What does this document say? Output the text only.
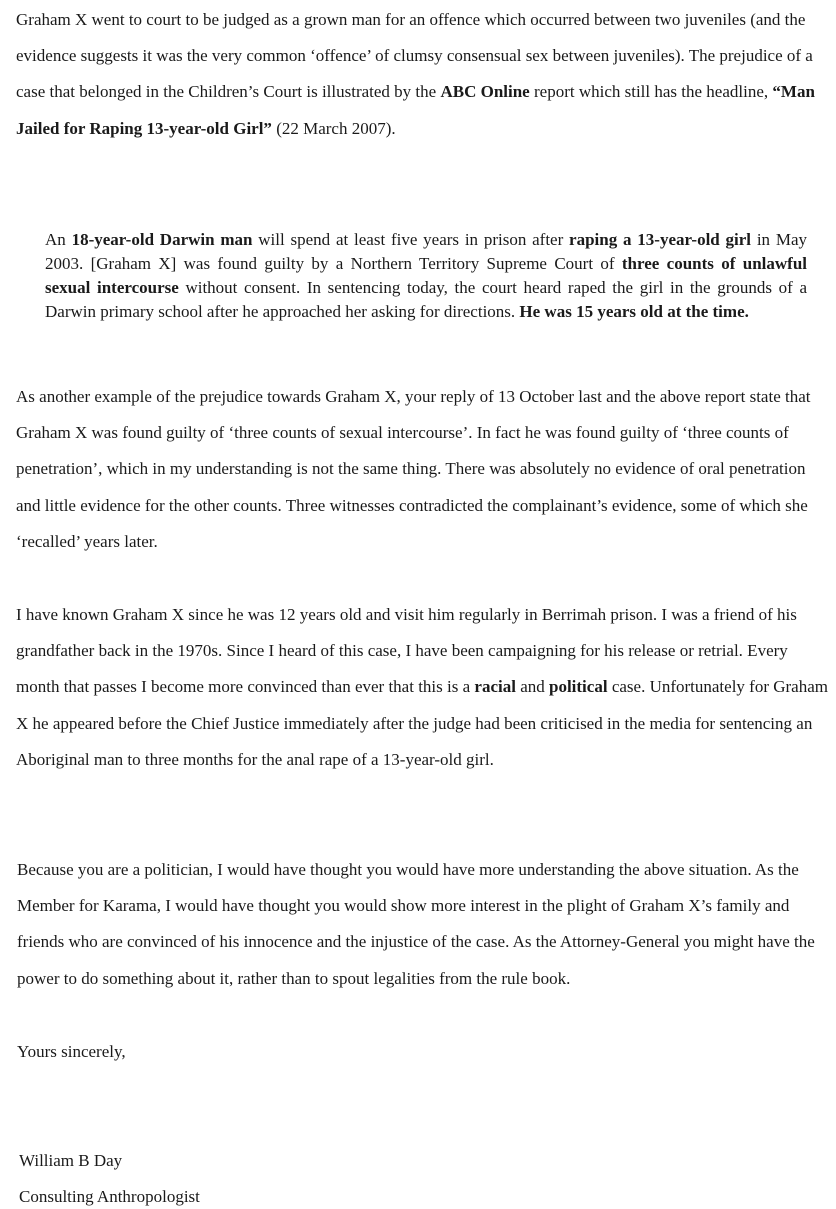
Graham X went to court to be judged as a grown man for an offence which occurred between two juveniles (and the evidence suggests it was the very common ‘offence’ of clumsy consensual sex between juveniles). The prejudice of a case that belonged in the Children’s Court is illustrated by the ABC Online report which still has the headline, “Man Jailed for Raping 13-year-old Girl” (22 March 2007).

An 18-year-old Darwin man will spend at least five years in prison after raping a 13-year-old girl in May 2003. [Graham X] was found guilty by a Northern Territory Supreme Court of three counts of unlawful sexual intercourse without consent. In sentencing today, the court heard raped the girl in the grounds of a Darwin primary school after he approached her asking for directions. He was 15 years old at the time.

As another example of the prejudice towards Graham X, your reply of 13 October last and the above report state that Graham X was found guilty of ‘three counts of sexual intercourse’. In fact he was found guilty of ‘three counts of penetration’, which in my understanding is not the same thing. There was absolutely no evidence of oral penetration and little evidence for the other counts. Three witnesses contradicted the complainant’s evidence, some of which she ‘recalled’ years later.

I have known Graham X since he was 12 years old and visit him regularly in Berrimah prison. I was a friend of his grandfather back in the 1970s. Since I heard of this case, I have been campaigning for his release or retrial. Every month that passes I become more convinced than ever that this is a racial and political case. Unfortunately for Graham X he appeared before the Chief Justice immediately after the judge had been criticised in the media for sentencing an Aboriginal man to three months for the anal rape of a 13-year-old girl.

Because you are a politician, I would have thought you would have more understanding the above situation. As the Member for Karama, I would have thought you would show more interest in the plight of Graham X’s family and friends who are convinced of his innocence and the injustice of the case. As the Attorney-General you might have the power to do something about it, rather than to spout legalities from the rule book.

Yours sincerely,

William B Day

Consulting Anthropologist
